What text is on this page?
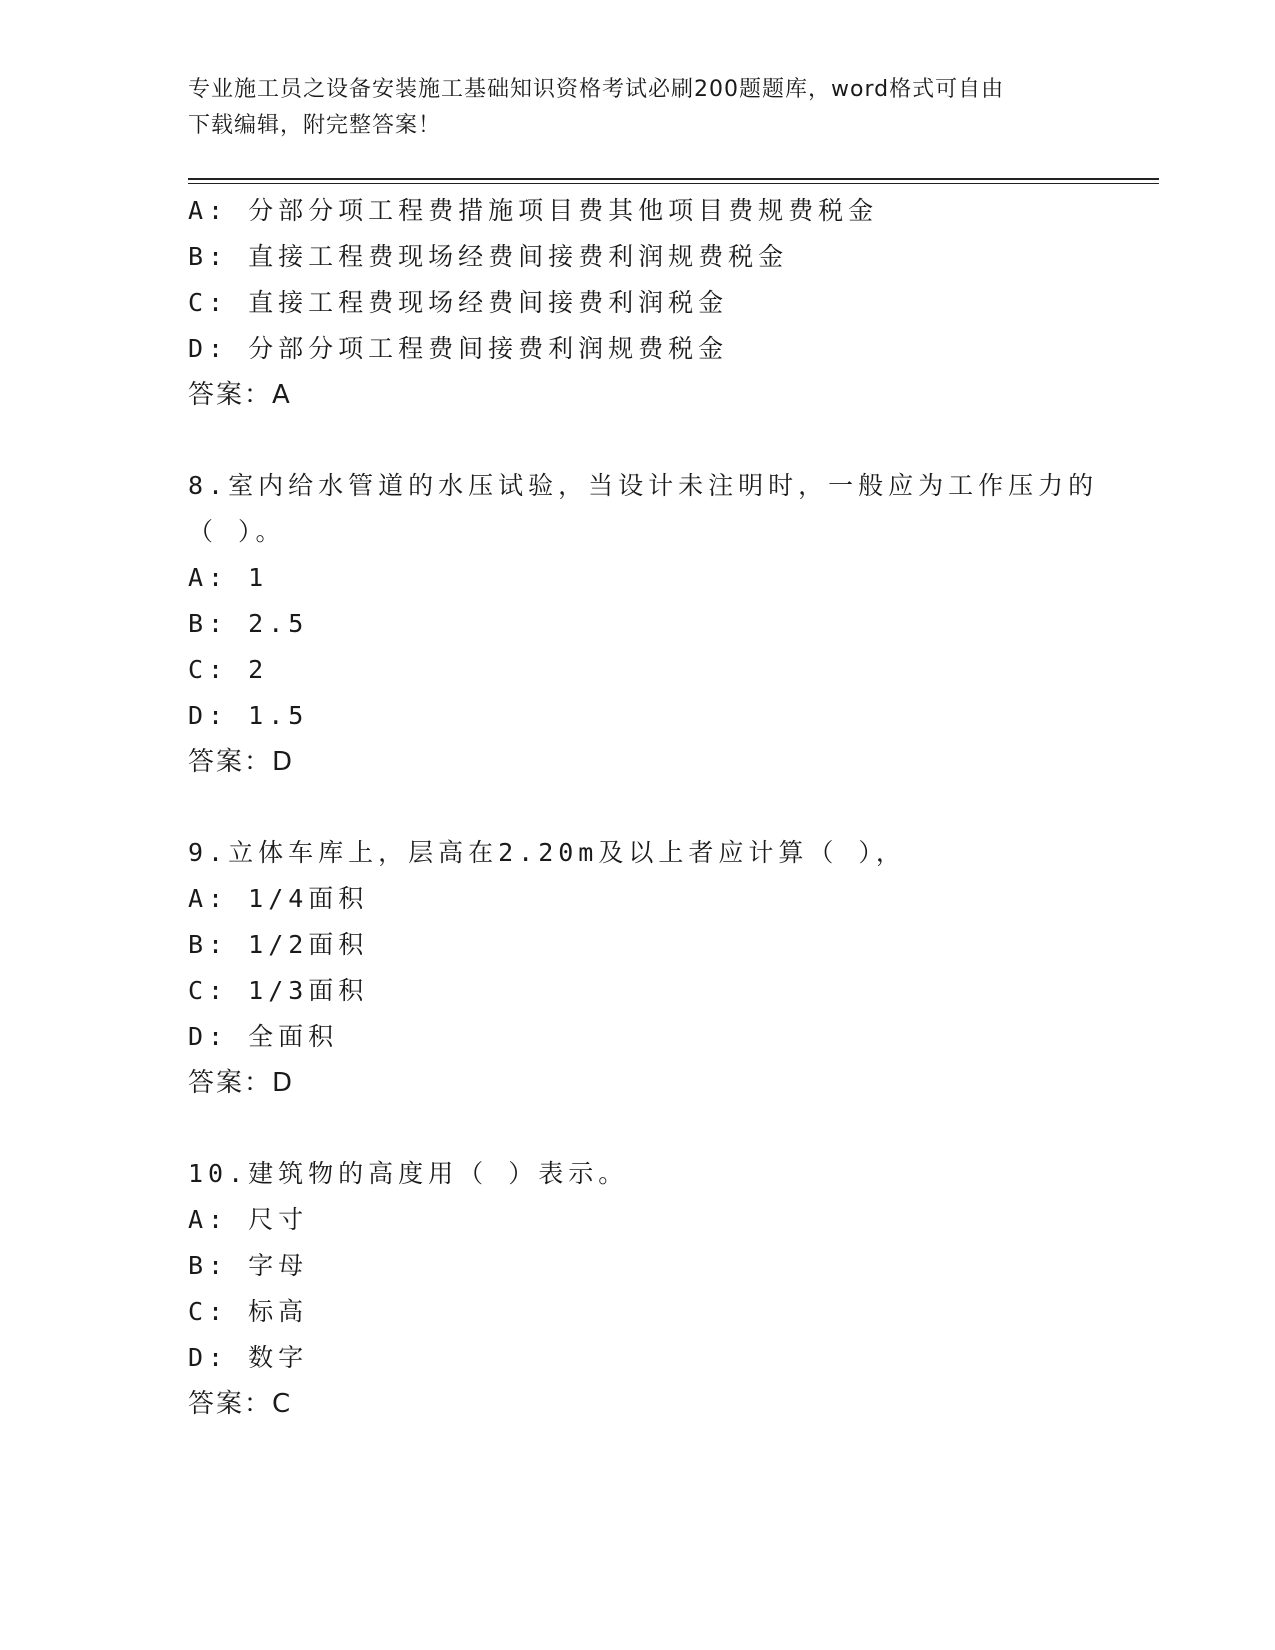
专业施工员之设备安装施工基础知识资格考试必刷200题题库，word格式可自由
下载编辑，附完整答案！
A: 分部分项工程费措施项目费其他项目费规费税金
B: 直接工程费现场经费间接费利润规费税金
C: 直接工程费现场经费间接费利润税金
D: 分部分项工程费间接费利润规费税金
答案：A
8.室内给水管道的水压试验，当设计未注明时，一般应为工作压力的
（ ）。
A: 1
B: 2.5
C: 2
D: 1.5
答案：D
9.立体车库上，层高在2.20m及以上者应计算（ ），
A: 1/4面积
B: 1/2面积
C: 1/3面积
D: 全面积
答案：D
10.建筑物的高度用（ ）表示。
A: 尺寸
B: 字母
C: 标高
D: 数字
答案：C
